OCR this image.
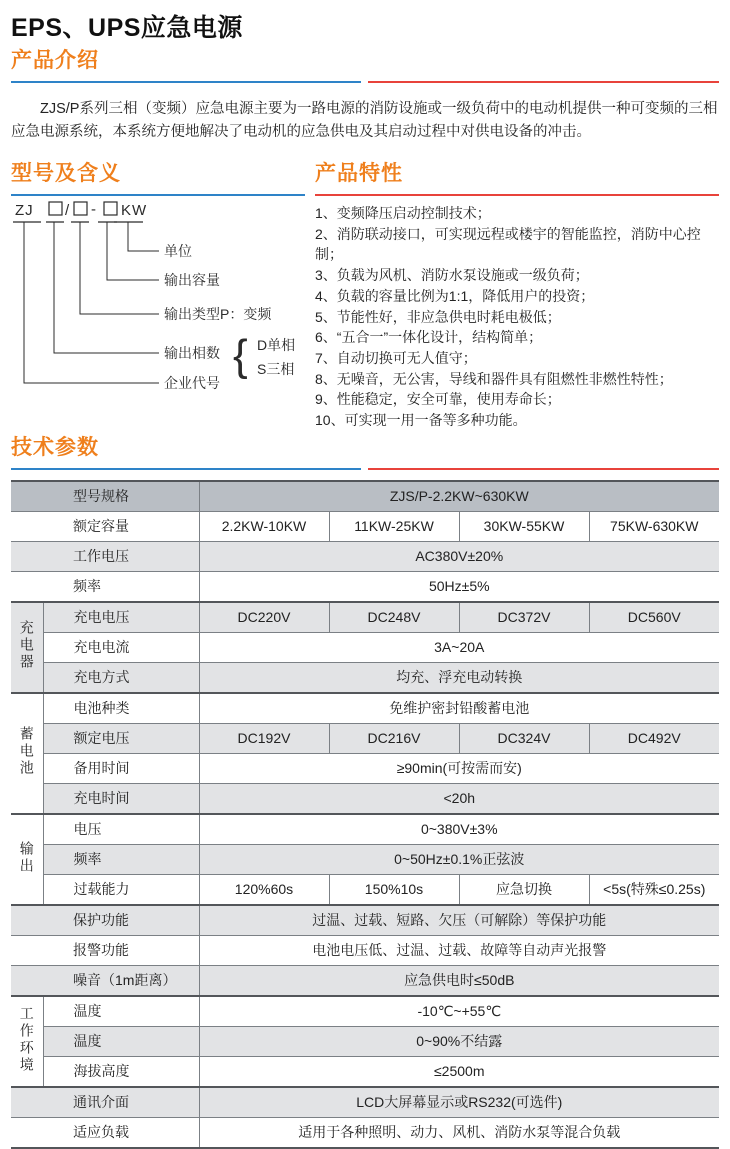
EPS、UPS应急电源
产品介绍

ZJS/P系列三相（变频）应急电源主要为一路电源的消防设施或一级负荷中的电动机提供一种可变频的三相应急电源系统，本系统方便地解决了电动机的应急供电及其启动过程中对供电设备的冲击。

型号及含义	产品特性
ZJ / - KW
单位
输出容量
输出类型P：变频
输出相数 { D单相
S三相
企业代号
1、变频降压启动控制技术；
2、消防联动接口，可实现远程或楼宇的智能监控，消防中心控制；
3、负载为风机、消防水泵设施或一级负荷；
4、负载的容量比例为1:1，降低用户的投资；
5、节能性好，非应急供电时耗电极低；
6、“五合一”一体化设计，结构简单；
7、自动切换可无人值守；
8、无噪音，无公害，导线和器件具有阻燃性非燃性特性；
9、性能稳定，安全可靠，使用寿命长；
10、可实现一用一备等多种功能。
技术参数
型号规格		ZJS/P-2.2KW~630KW			
额定容量		2.2KW-10KW	11KW-25KW	30KW-55KW	75KW-630KW
工作电压		AC380V±20%			
频率		50Hz±5%			
充电器	充电电压	DC220V	DC248V	DC372V	DC560V
	充电电流	3A~20A			
	充电方式	均充、浮充电动转换			
蓄电池	电池种类	免维护密封铅酸蓄电池			
	额定电压	DC192V	DC216V	DC324V	DC492V
	备用时间	≥90min(可按需而安)			
	充电时间	<20h			
输出	电压	0~380V±3%			
	频率	0~50Hz±0.1%正弦波			
	过载能力	120%60s	150%10s	应急切换	<5s(特殊≤0.25s)
保护功能		过温、过载、短路、欠压（可解除）等保护功能			
报警功能		电池电压低、过温、过载、故障等自动声光报警			
噪音（1m距离）		应急供电时≤50dB			
工作环境	温度	-10℃~+55℃			
	温度	0~90%不结露			
	海拔高度	≤2500m			
通讯介面		LCD大屏幕显示或RS232(可选件)			
适应负载		适用于各种照明、动力、风机、消防水泵等混合负载			
